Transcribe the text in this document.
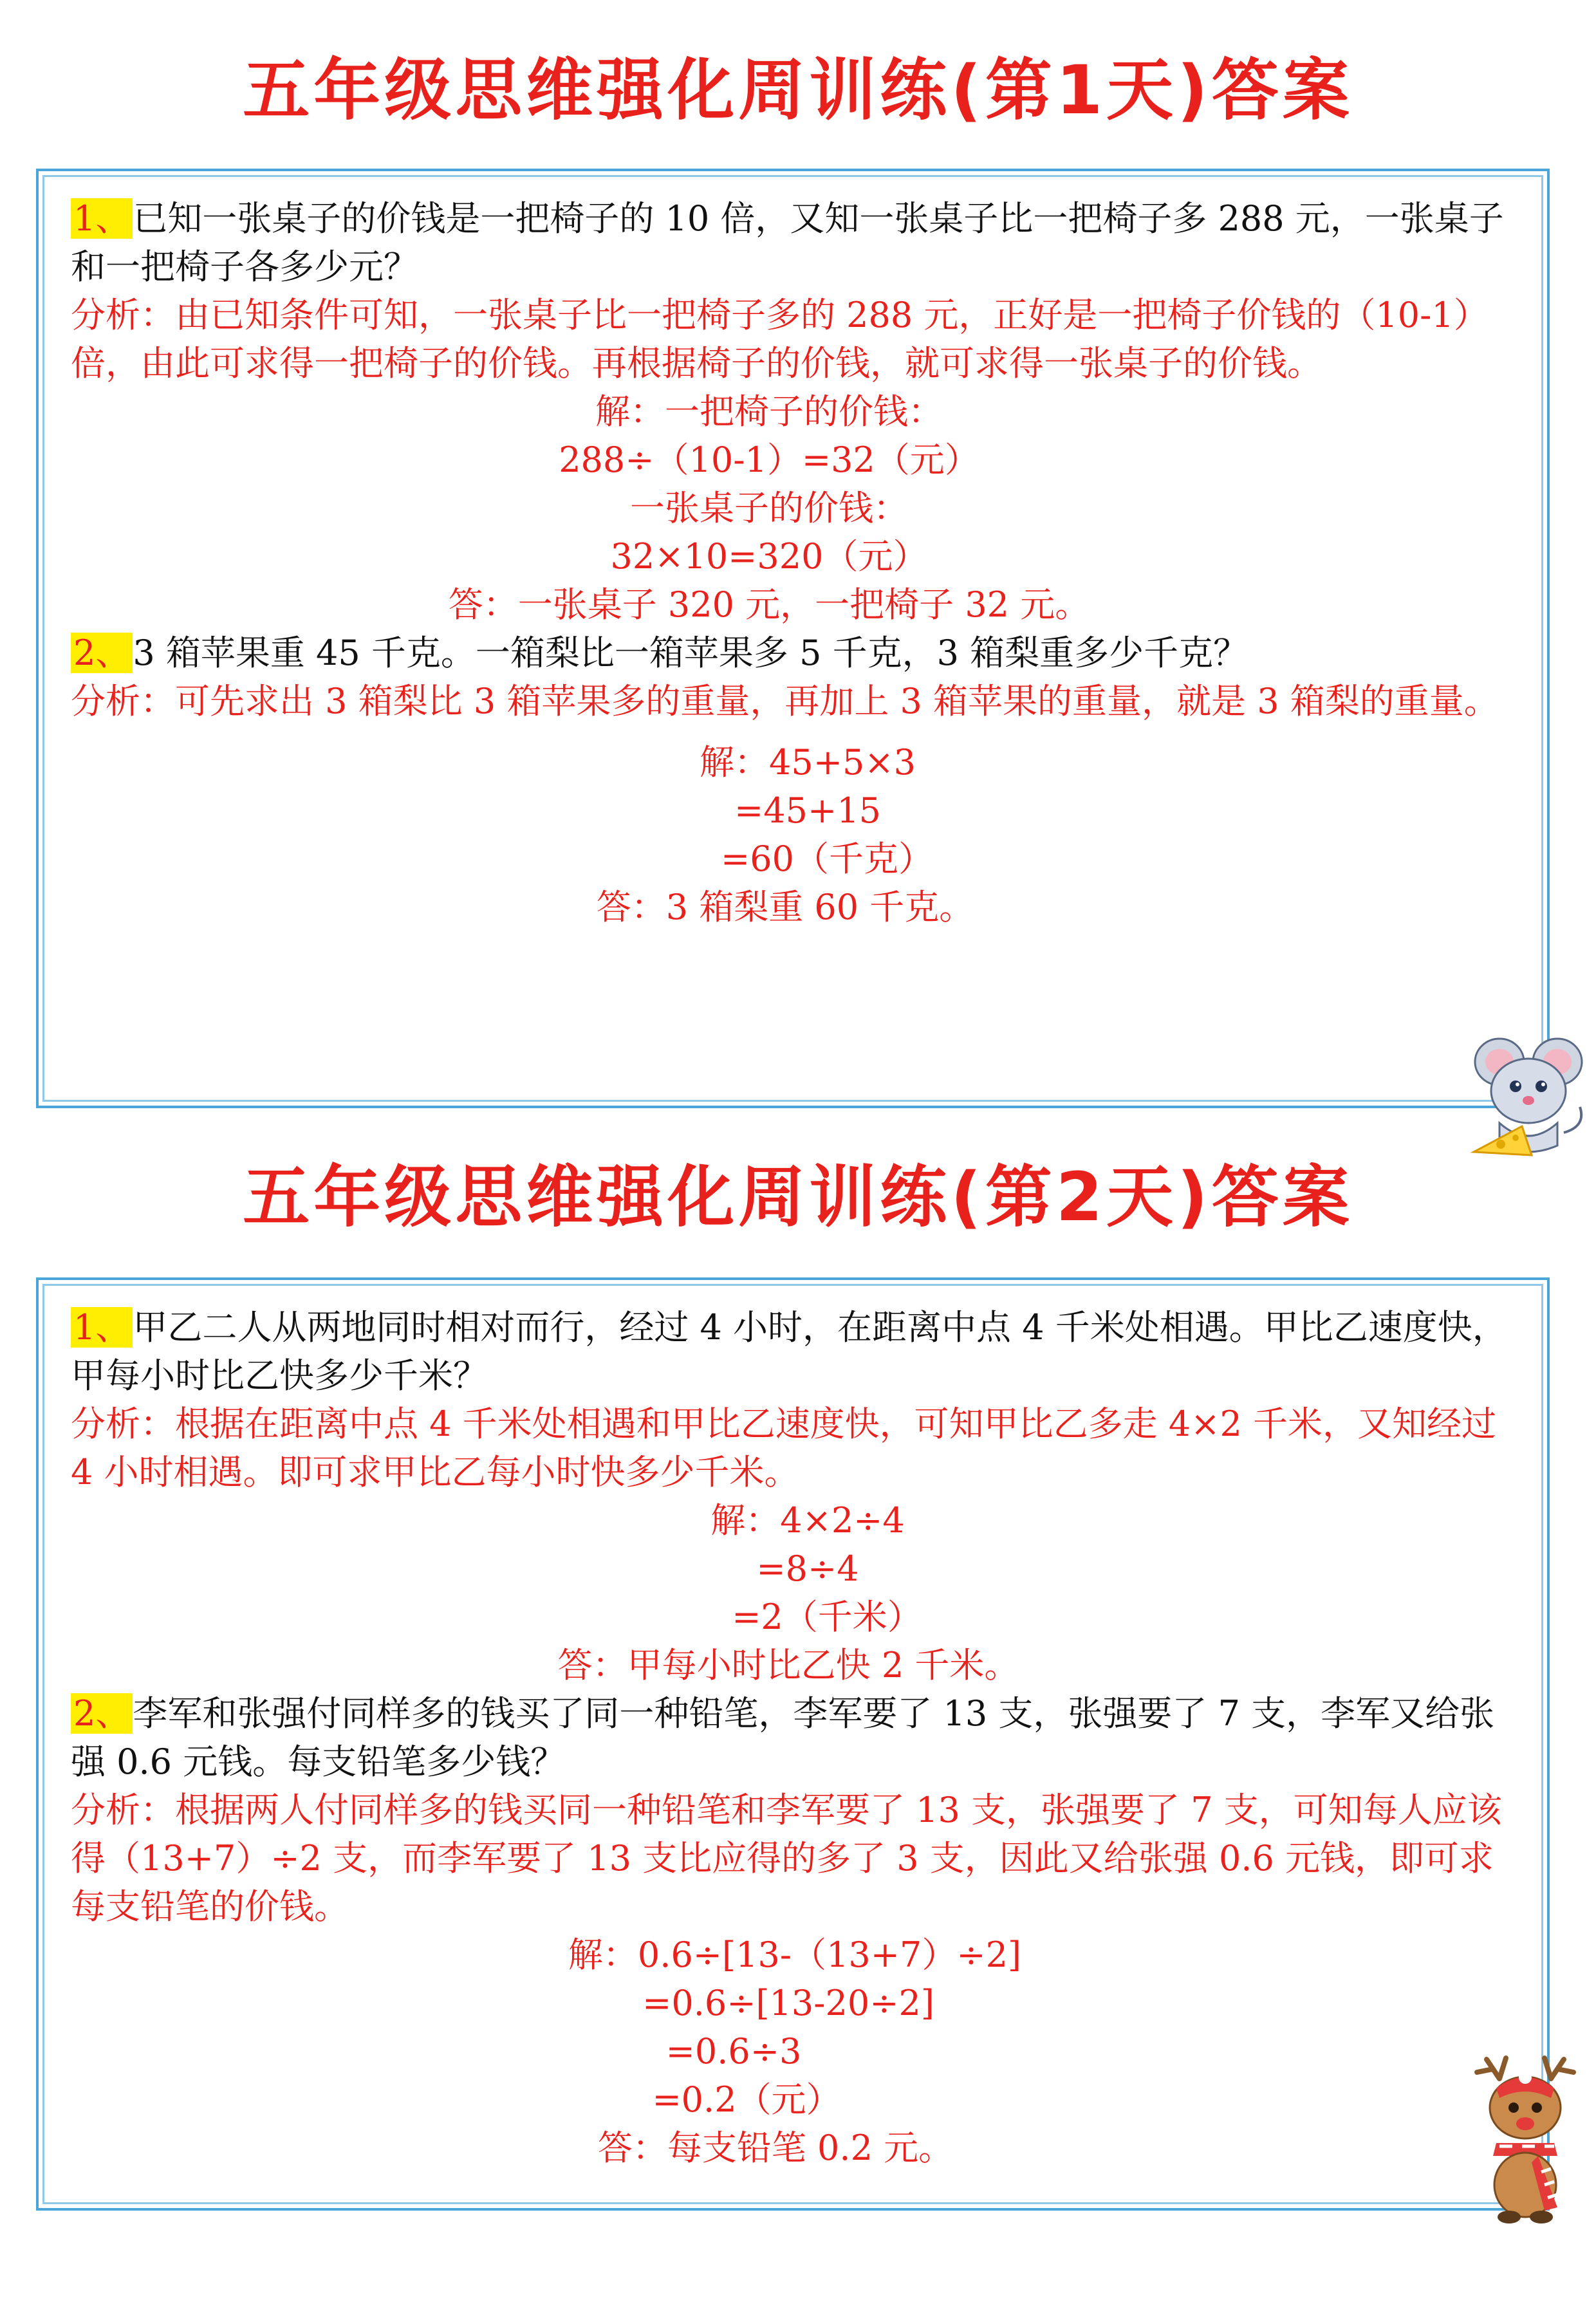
五年级思维强化周训练(第1天)答案

1、已知一张桌子的价钱是一把椅子的 10 倍，又知一张桌子比一把椅子多 288 元，一张桌子和一把椅子各多少元？

分析：由已知条件可知，一张桌子比一把椅子多的 288 元，正好是一把椅子价钱的（10-1）倍，由此可求得一把椅子的价钱。再根据椅子的价钱，就可求得一张桌子的价钱。

解：一把椅子的价钱：

288÷（10-1）=32（元）

一张桌子的价钱：

32×10=320（元）

答：一张桌子 320 元，一把椅子 32 元。

2、3 箱苹果重 45 千克。一箱梨比一箱苹果多 5 千克，3 箱梨重多少千克？

分析：可先求出 3 箱梨比 3 箱苹果多的重量，再加上 3 箱苹果的重量，就是 3 箱梨的重量。

解：45+5×3

=45+15

=60（千克）

答：3 箱梨重 60 千克。

五年级思维强化周训练(第2天)答案

1、甲乙二人从两地同时相对而行，经过 4 小时，在距离中点 4 千米处相遇。甲比乙速度快，甲每小时比乙快多少千米？

分析：根据在距离中点 4 千米处相遇和甲比乙速度快，可知甲比乙多走 4×2 千米，又知经过 4 小时相遇。即可求甲比乙每小时快多少千米。

解：4×2÷4

=8÷4

=2（千米）

答：甲每小时比乙快 2 千米。

2、李军和张强付同样多的钱买了同一种铅笔，李军要了 13 支，张强要了 7 支，李军又给张强 0.6 元钱。每支铅笔多少钱？

分析：根据两人付同样多的钱买同一种铅笔和李军要了 13 支，张强要了 7 支，可知每人应该得（13+7）÷2 支，而李军要了 13 支比应得的多了 3 支，因此又给张强 0.6 元钱，即可求每支铅笔的价钱。

解：0.6÷[13-（13+7）÷2]

=0.6÷[13-20÷2]

=0.6÷3

=0.2（元）

答：每支铅笔 0.2 元。
